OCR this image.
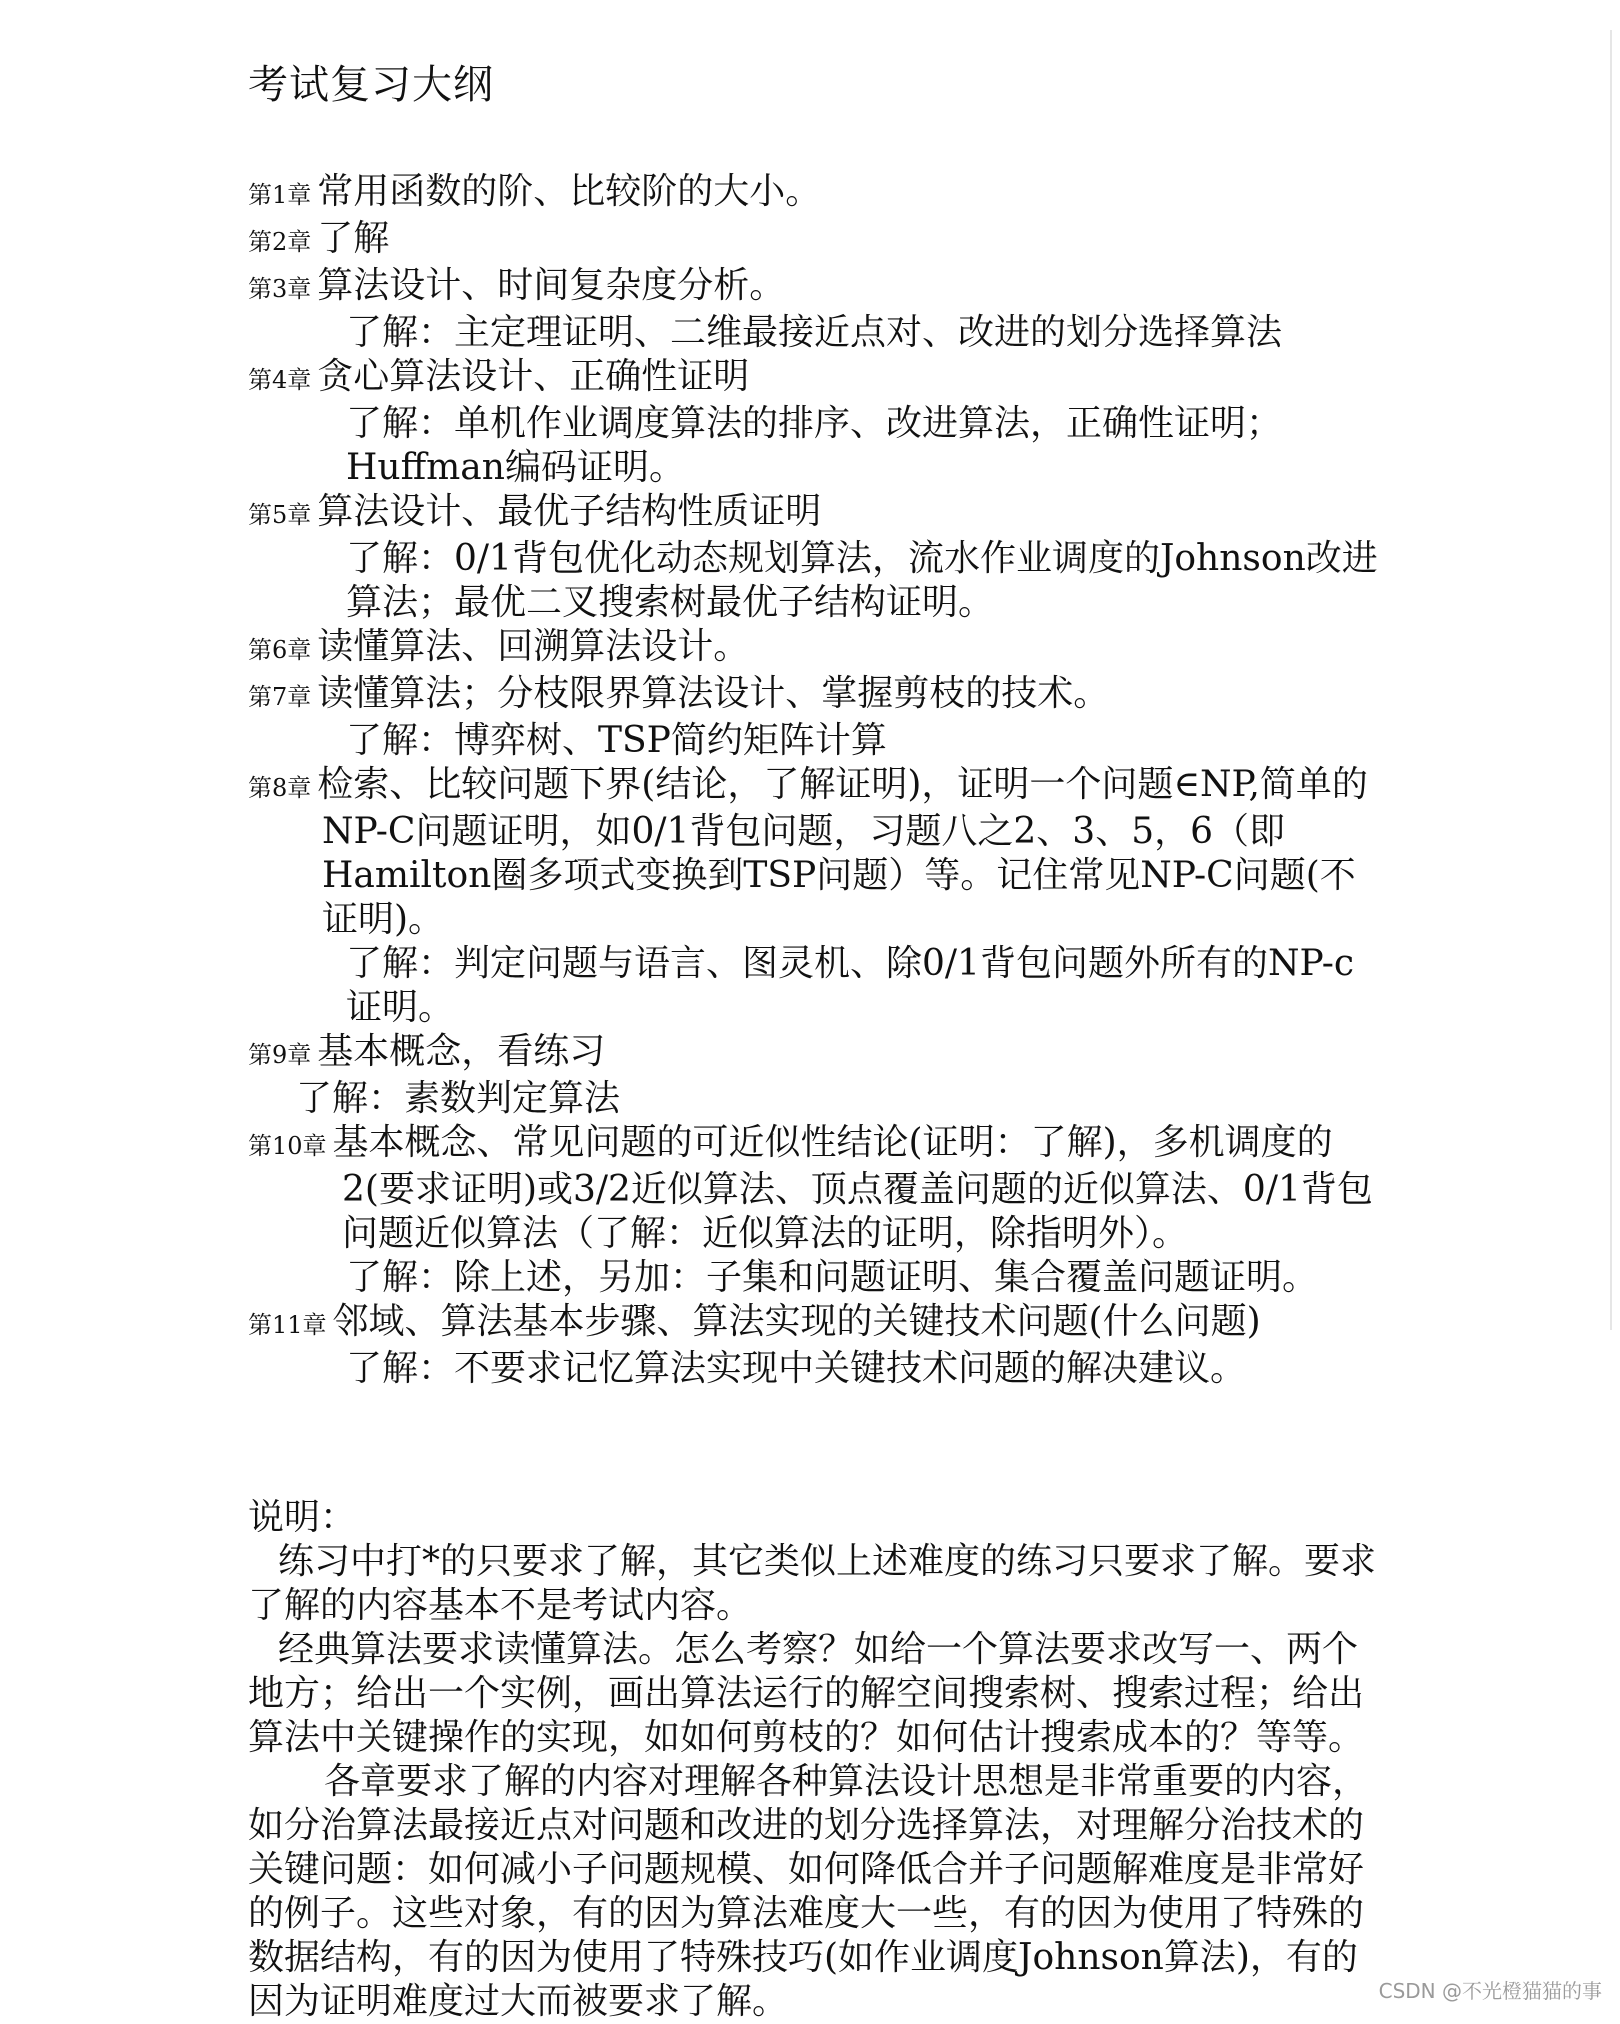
考试复习大纲

第1章 常用函数的阶、比较阶的大小。

第2章 了解

第3章 算法设计、时间复杂度分析。

了解：主定理证明、二维最接近点对、改进的划分选择算法

第4章 贪心算法设计、正确性证明

了解：单机作业调度算法的排序、改进算法，正确性证明；Huffman编码证明。

第5章 算法设计、最优子结构性质证明

了解：0/1背包优化动态规划算法，流水作业调度的Johnson改进算法；最优二叉搜索树最优子结构证明。

第6章 读懂算法、回溯算法设计。

第7章 读懂算法；分枝限界算法设计、掌握剪枝的技术。

了解：博弈树、TSP简约矩阵计算

第8章 检索、比较问题下界(结论，了解证明)，证明一个问题∈NP,简单的NP-C问题证明，如0/1背包问题，习题八之2、3、5，6（即Hamilton圈多项式变换到TSP问题）等。记住常见NP-C问题(不证明)。

了解：判定问题与语言、图灵机、除0/1背包问题外所有的NP-c证明。

第9章 基本概念，看练习

了解：素数判定算法

第10章 基本概念、常见问题的可近似性结论(证明：了解)，多机调度的2(要求证明)或3/2近似算法、顶点覆盖问题的近似算法、0/1背包问题近似算法（了解：近似算法的证明，除指明外）。

了解：除上述，另加：子集和问题证明、集合覆盖问题证明。

第11章 邻域、算法基本步骤、算法实现的关键技术问题(什么问题)

了解：不要求记忆算法实现中关键技术问题的解决建议。

说明：

练习中打*的只要求了解，其它类似上述难度的练习只要求了解。要求了解的内容基本不是考试内容。

经典算法要求读懂算法。怎么考察？如给一个算法要求改写一、两个地方；给出一个实例，画出算法运行的解空间搜索树、搜索过程；给出算法中关键操作的实现，如如何剪枝的？如何估计搜索成本的？等等。

各章要求了解的内容对理解各种算法设计思想是非常重要的内容，如分治算法最接近点对问题和改进的划分选择算法，对理解分治技术的关键问题：如何减小子问题规模、如何降低合并子问题解难度是非常好的例子。这些对象，有的因为算法难度大一些，有的因为使用了特殊的数据结构，有的因为使用了特殊技巧(如作业调度Johnson算法)，有的因为证明难度过大而被要求了解。	CSDN @不光橙猫猫的事
